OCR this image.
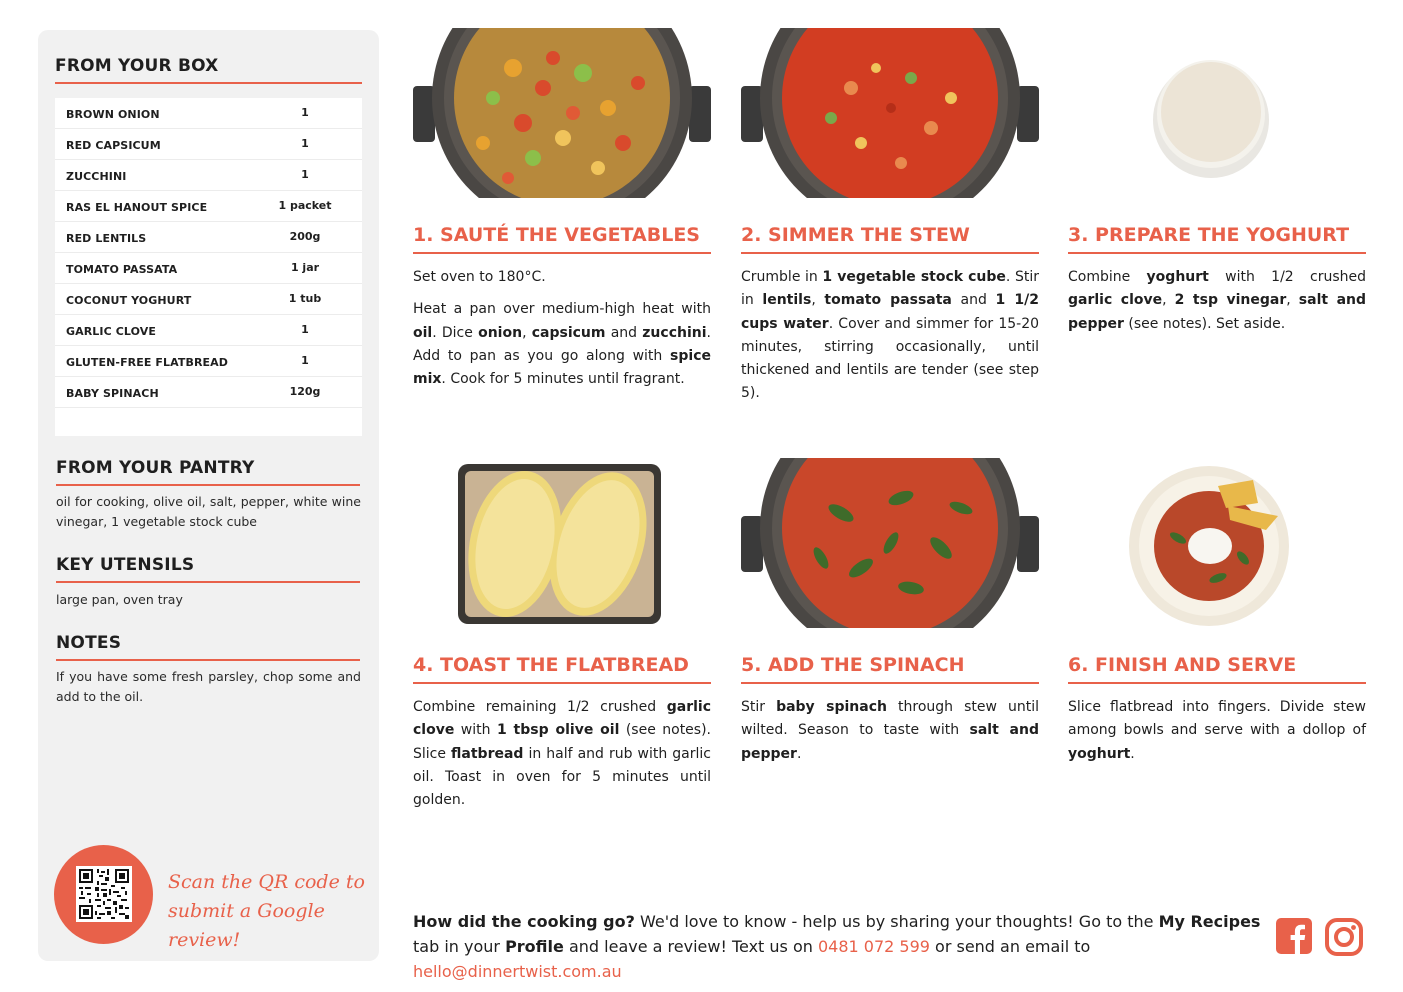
FROM YOUR BOX
BROWN ONION	1
RED CAPSICUM	1
ZUCCHINI	1
RAS EL HANOUT SPICE	1 packet
RED LENTILS	200g
TOMATO PASSATA	1 jar
COCONUT YOGHURT	1 tub
GARLIC CLOVE	1
GLUTEN-FREE FLATBREAD	1
BABY SPINACH	120g
FROM YOUR PANTRY
oil for cooking, olive oil, salt, pepper, white wine vinegar, 1 vegetable stock cube
KEY UTENSILS
large pan, oven tray
NOTES
If you have some fresh parsley, chop some and add to the oil.
Scan the QR code to
submit a Google review!
1. SAUTÉ THE VEGETABLES

Set oven to 180°C.

Heat a pan over medium-high heat with oil. Dice onion, capsicum and zucchini. Add to pan as you go along with spice mix. Cook for 5 minutes until fragrant.

2. SIMMER THE STEW

Crumble in 1 vegetable stock cube. Stir in lentils, tomato passata and 1 1/2 cups water. Cover and simmer for 15-20 minutes, stirring occasionally, until thickened and lentils are tender (see step 5).

3. PREPARE THE YOGHURT

Combine yoghurt with 1/2 crushed garlic clove, 2 tsp vinegar, salt and pepper (see notes). Set aside.

4. TOAST THE FLATBREAD

Combine remaining 1/2 crushed garlic clove with 1 tbsp olive oil (see notes). Slice flatbread in half and rub with garlic oil. Toast in oven for 5 minutes until golden.

5. ADD THE SPINACH

Stir baby spinach through stew until wilted. Season to taste with salt and pepper.

6. FINISH AND SERVE

Slice flatbread into fingers. Divide stew among bowls and serve with a dollop of yoghurt.

How did the cooking go? We'd love to know - help us by sharing your thoughts! Go to the My Recipes tab in your Profile and leave a review! Text us on 0481 072 599 or send an email to hello@dinnertwist.com.au
